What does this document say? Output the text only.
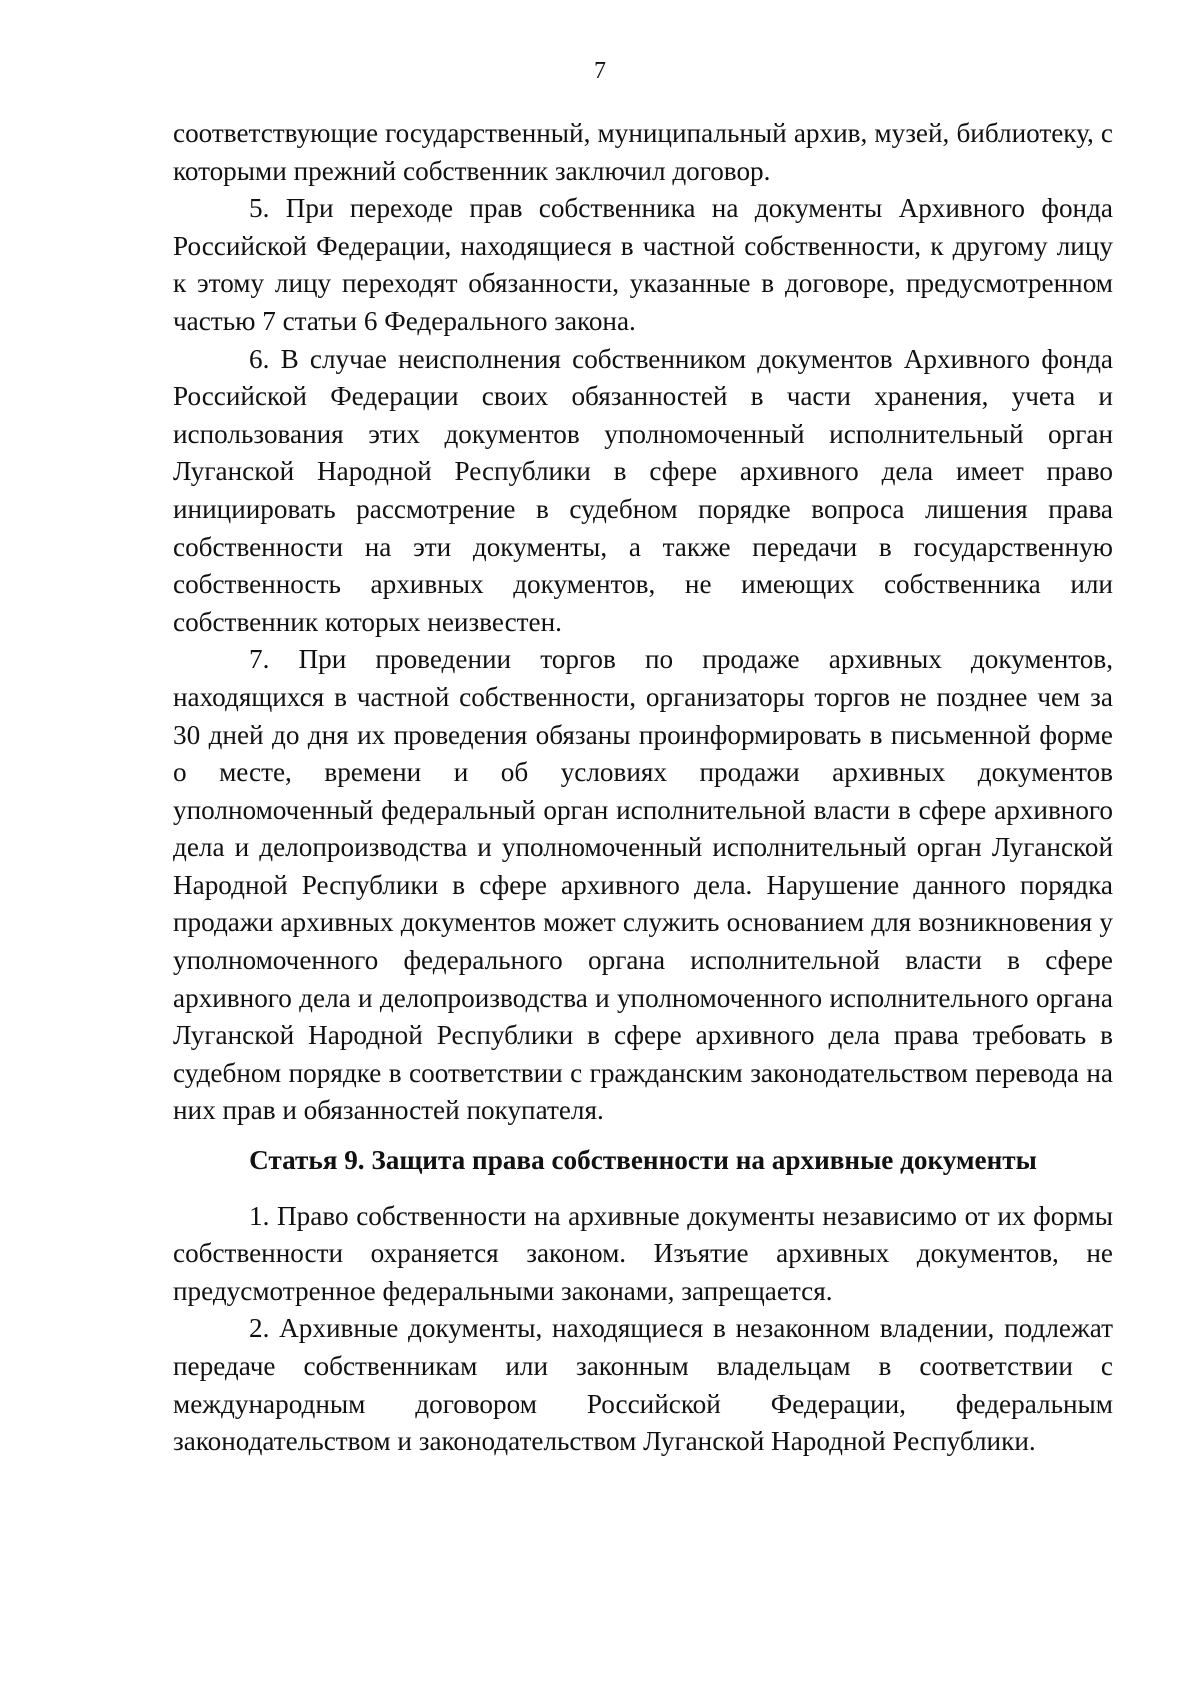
7

соответствующие государственный, муниципальный архив, музей, библиотеку, с которыми прежний собственник заключил договор.

5. При переходе прав собственника на документы Архивного фонда Российской Федерации, находящиеся в частной собственности, к другому лицу к этому лицу переходят обязанности, указанные в договоре, предусмотренном частью 7 статьи 6 Федерального закона.

6. В случае неисполнения собственником документов Архивного фонда Российской Федерации своих обязанностей в части хранения, учета и использования этих документов уполномоченный исполнительный орган Луганской Народной Республики в сфере архивного дела имеет право инициировать рассмотрение в судебном порядке вопроса лишения права собственности на эти документы, а также передачи в государственную собственность архивных документов, не имеющих собственника или собственник которых неизвестен.

7. При проведении торгов по продаже архивных документов, находящихся в частной собственности, организаторы торгов не позднее чем за 30 дней до дня их проведения обязаны проинформировать в письменной форме о месте, времени и об условиях продажи архивных документов уполномоченный федеральный орган исполнительной власти в сфере архивного дела и делопроизводства и уполномоченный исполнительный орган Луганской Народной Республики в сфере архивного дела. Нарушение данного порядка продажи архивных документов может служить основанием для возникновения у уполномоченного федерального органа исполнительной власти в сфере архивного дела и делопроизводства и уполномоченного исполнительного органа Луганской Народной Республики в сфере архивного дела права требовать в судебном порядке в соответствии с гражданским законодательством перевода на них прав и обязанностей покупателя.

Статья 9. Защита права собственности на архивные документы

1. Право собственности на архивные документы независимо от их формы собственности охраняется законом. Изъятие архивных документов, не предусмотренное федеральными законами, запрещается.

2. Архивные документы, находящиеся в незаконном владении, подлежат передаче собственникам или законным владельцам в соответствии с международным договором Российской Федерации, федеральным законодательством и законодательством Луганской Народной Республики.
